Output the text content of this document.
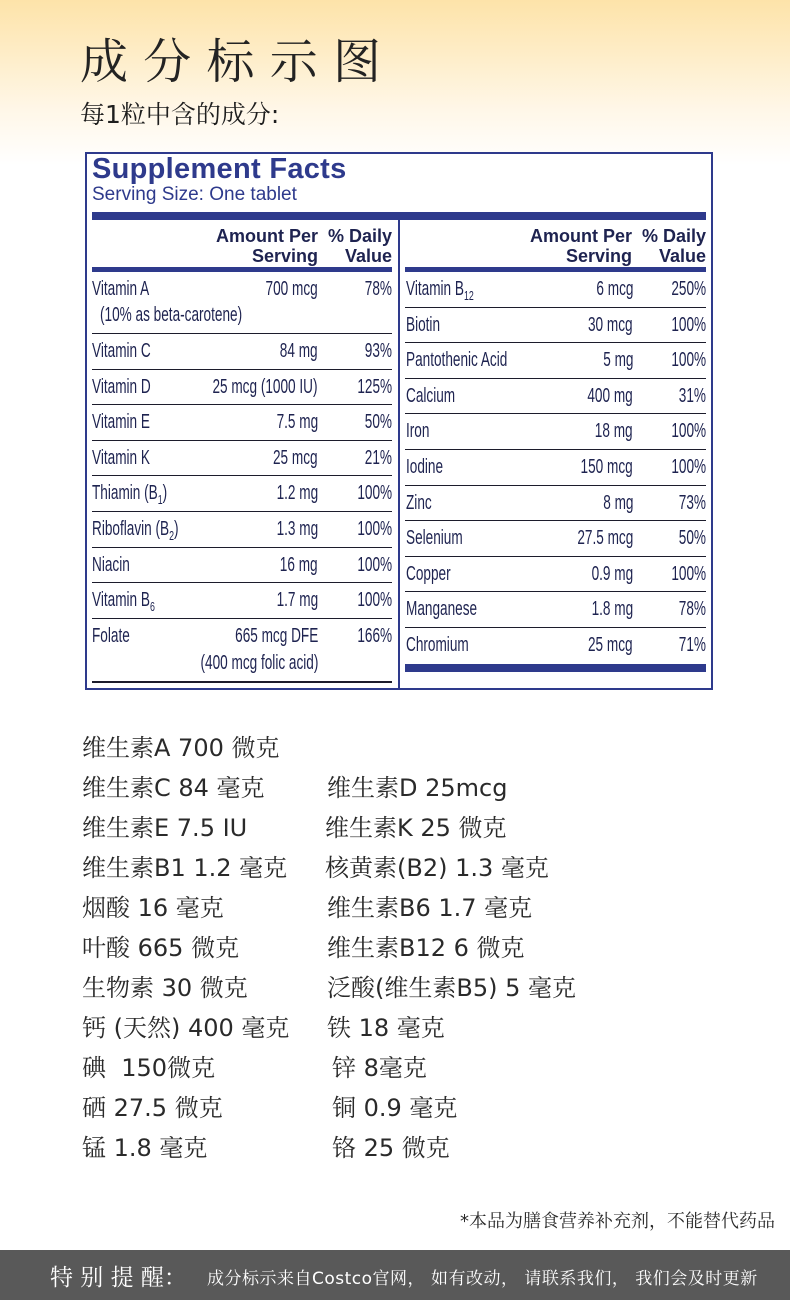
成 分 标 示 图
每1粒中含的成分:
Supplement Facts
Serving Size: One tablet
Amount Per
Serving
% Daily
Value
Vitamin A	700 mcg 78%
(10% as beta-carotene)
Vitamin C	84 mg 93%
Vitamin D	25 mcg (1000 IU) 125%
Vitamin E	7.5 mg 50%
Vitamin K	25 mcg 21%
Thiamin $(B_1)$	1.2 mg 100%
Riboflavin $(B_2)$	1.3 mg 100%
Niacin	16 mg 100%
Vitamin $B_6$	1.7 mg 100%
Folate	665 mcg DFE 166%
(400 mcg folic acid)
Amount Per
Serving
% Daily
Value
Vitamin $B_{12}$	6 mcg 250%
Biotin	30 mcg 100%
Pantothenic Acid	5 mg 100%
Calcium	400 mg 31%
Iron	18 mg 100%
Iodine	150 mcg 100%
Zinc	8 mg 73%
Selenium	27.5 mcg 50%
Copper	0.9 mg 100%
Manganese	1.8 mg 78%
Chromium	25 mcg 71%
维生素A 700 微克
维生素C 84 毫克	维生素D 25mcg
维生素E 7.5 IU	维生素K 25 微克
维生素B1 1.2 毫克 核黄素(B2) 1.3 毫克
烟酸 16 毫克	维生素B6 1.7 毫克
叶酸 665 微克	维生素B12 6 微克
生物素 30 微克	泛酸(维生素B5) 5 毫克
钙 (天然) 400 毫克 铁 18 毫克
碘  150微克	锌 8毫克
硒 27.5 微克	铜 0.9 毫克
锰 1.8 毫克	铬 25 微克
*本品为膳食营养补充剂，不能替代药品
特 别 提 醒： 成分标示来自Costco官网， 如有改动， 请联系我们， 我们会及时更新
